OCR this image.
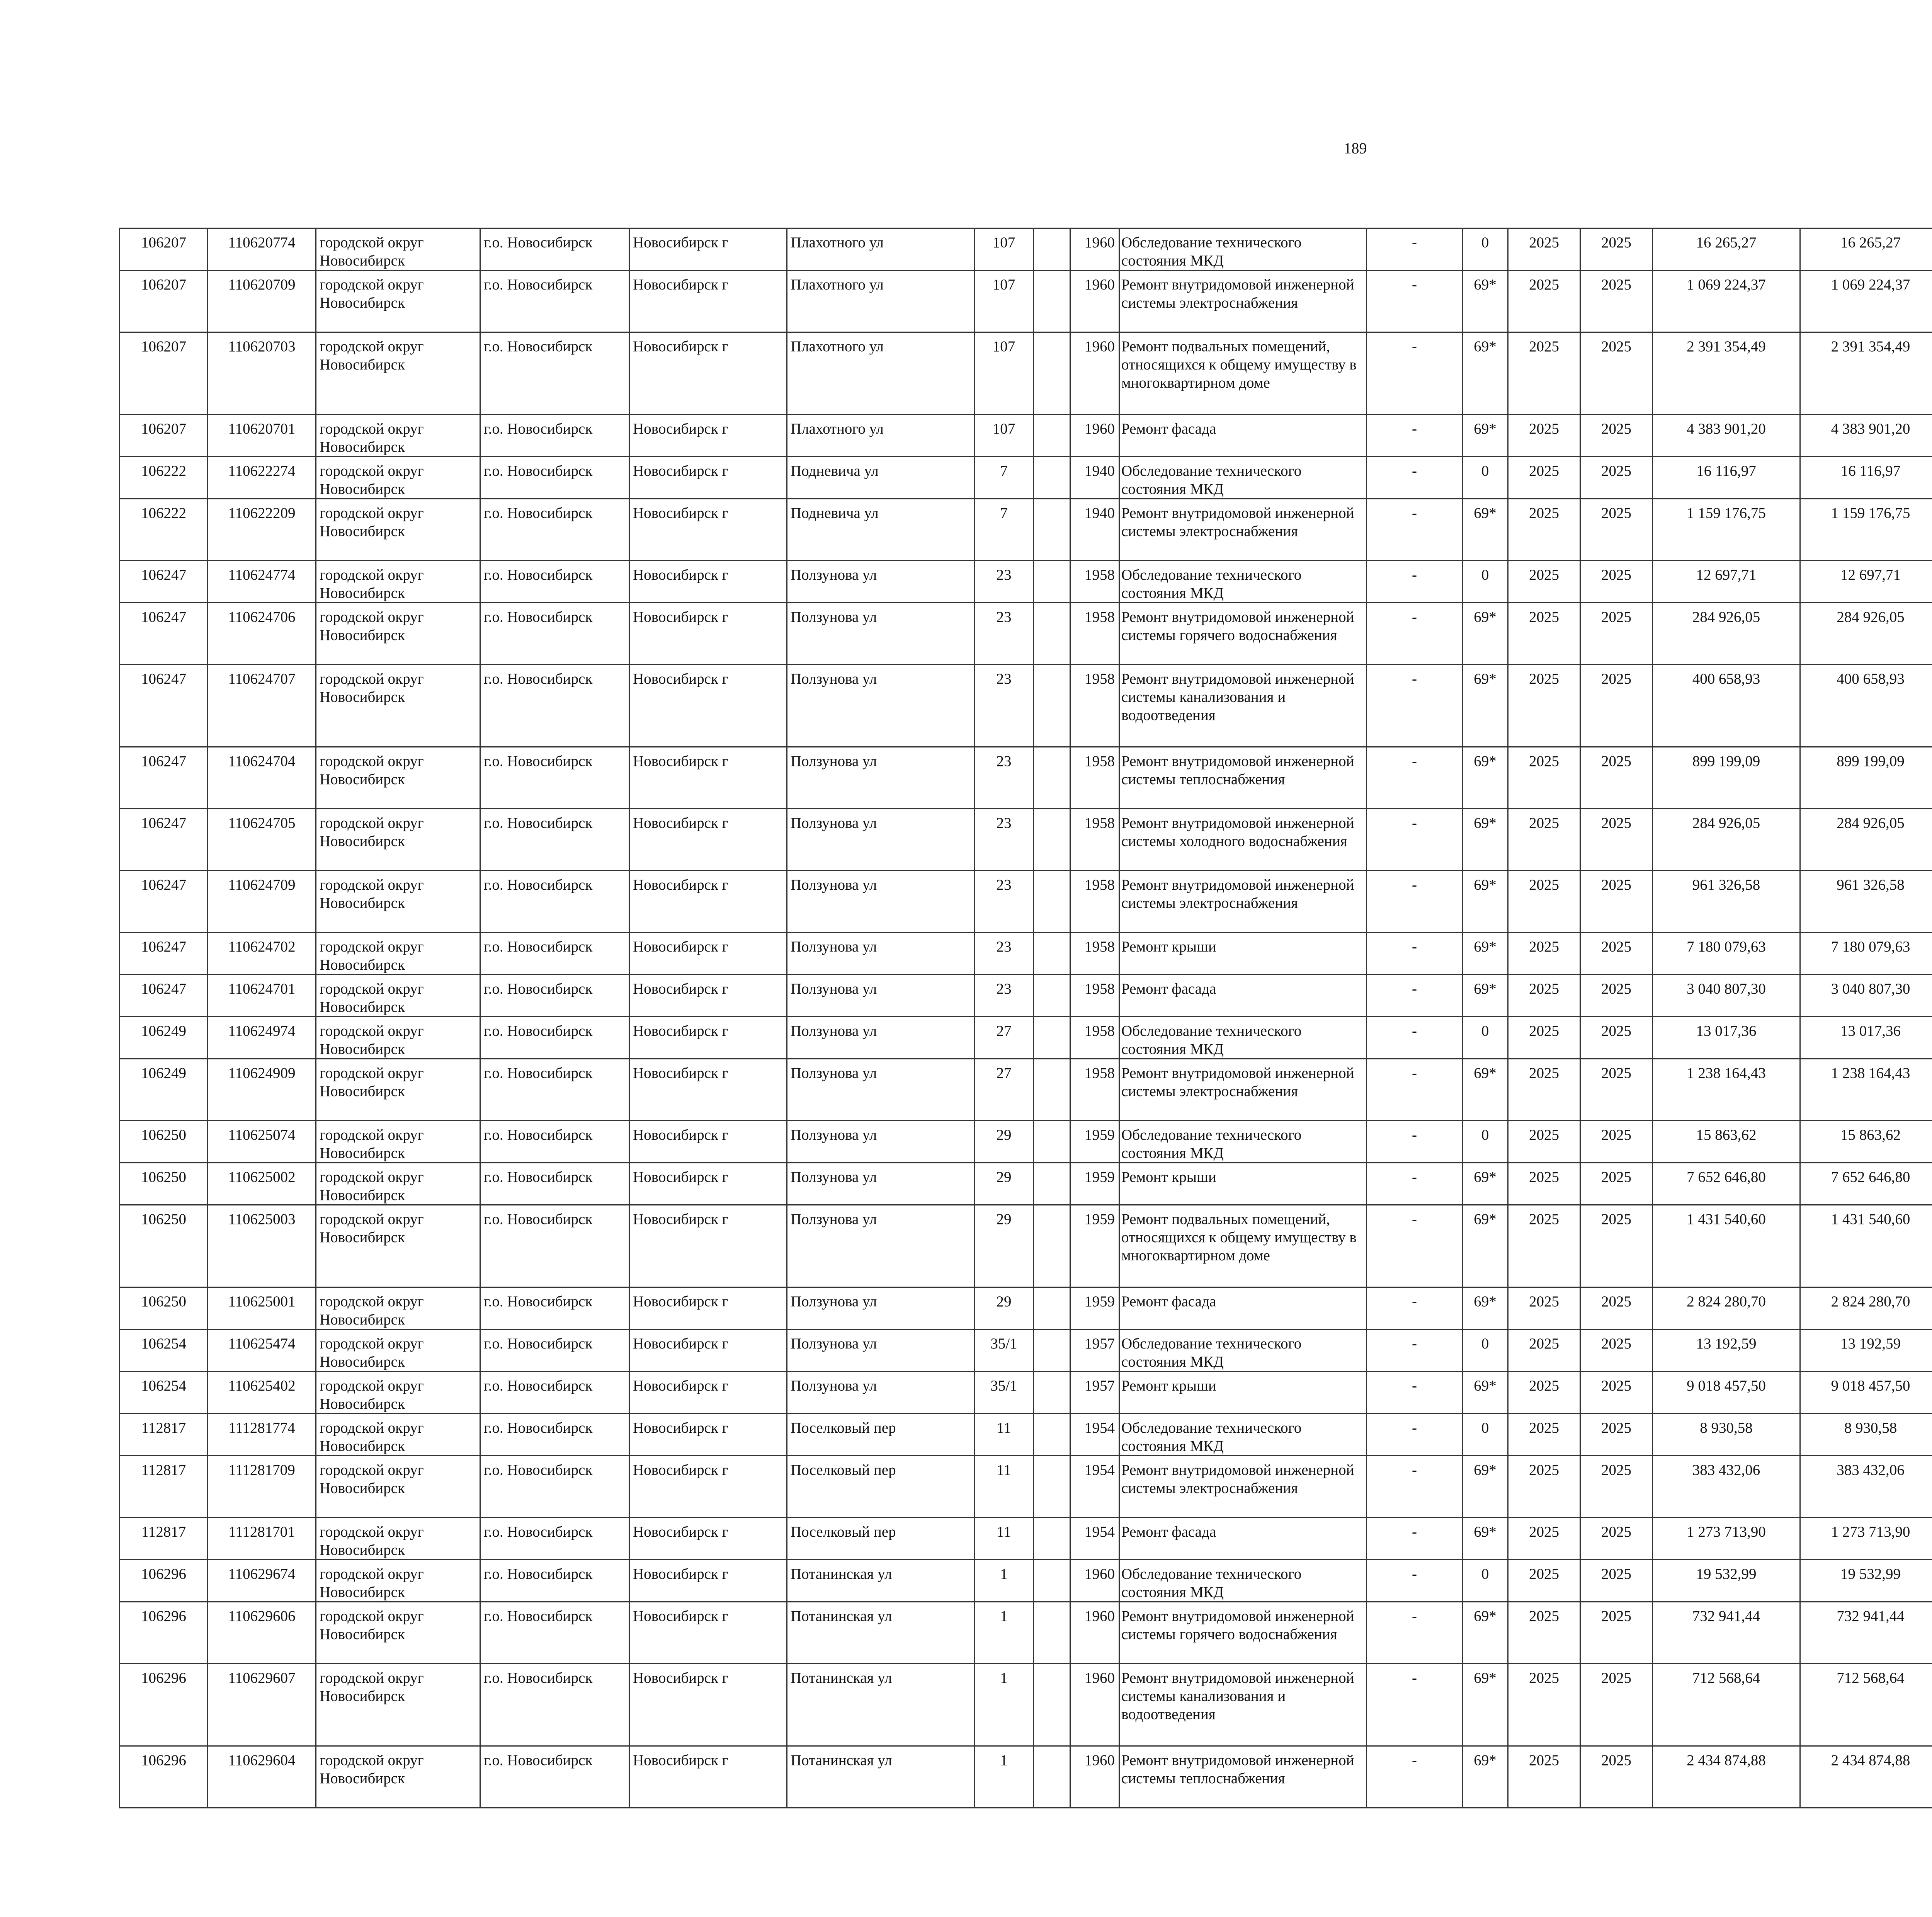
189
106207	110620774	городской округ Новосибирск	г.о. Новосибирск	Новосибирск г	Плахотного ул	107		1960	Обследование технического состояния МКД	-	0	2025	2025	16 265,27	16 265,27						
106207	110620709	городской округ Новосибирск	г.о. Новосибирск	Новосибирск г	Плахотного ул	107		1960	Ремонт внутридомовой инженерной системы электроснабжения	-	69*	2025	2025	1 069 224,37	1 069 224,37						
106207	110620703	городской округ Новосибирск	г.о. Новосибирск	Новосибирск г	Плахотного ул	107		1960	Ремонт подвальных помещений, относящихся к общему имуществу в многоквартирном доме	-	69*	2025	2025	2 391 354,49	2 391 354,49						
106207	110620701	городской округ Новосибирск	г.о. Новосибирск	Новосибирск г	Плахотного ул	107		1960	Ремонт фасада	-	69*	2025	2025	4 383 901,20	4 383 901,20						
106222	110622274	городской округ Новосибирск	г.о. Новосибирск	Новосибирск г	Подневича ул	7		1940	Обследование технического состояния МКД	-	0	2025	2025	16 116,97	16 116,97						
106222	110622209	городской округ Новосибирск	г.о. Новосибирск	Новосибирск г	Подневича ул	7		1940	Ремонт внутридомовой инженерной системы электроснабжения	-	69*	2025	2025	1 159 176,75	1 159 176,75						
106247	110624774	городской округ Новосибирск	г.о. Новосибирск	Новосибирск г	Ползунова ул	23		1958	Обследование технического состояния МКД	-	0	2025	2025	12 697,71	12 697,71						
106247	110624706	городской округ Новосибирск	г.о. Новосибирск	Новосибирск г	Ползунова ул	23		1958	Ремонт внутридомовой инженерной системы горячего водоснабжения	-	69*	2025	2025	284 926,05	284 926,05						
106247	110624707	городской округ Новосибирск	г.о. Новосибирск	Новосибирск г	Ползунова ул	23		1958	Ремонт внутридомовой инженерной системы канализования и водоотведения	-	69*	2025	2025	400 658,93	400 658,93						
106247	110624704	городской округ Новосибирск	г.о. Новосибирск	Новосибирск г	Ползунова ул	23		1958	Ремонт внутридомовой инженерной системы теплоснабжения	-	69*	2025	2025	899 199,09	899 199,09						
106247	110624705	городской округ Новосибирск	г.о. Новосибирск	Новосибирск г	Ползунова ул	23		1958	Ремонт внутридомовой инженерной системы холодного водоснабжения	-	69*	2025	2025	284 926,05	284 926,05						
106247	110624709	городской округ Новосибирск	г.о. Новосибирск	Новосибирск г	Ползунова ул	23		1958	Ремонт внутридомовой инженерной системы электроснабжения	-	69*	2025	2025	961 326,58	961 326,58						
106247	110624702	городской округ Новосибирск	г.о. Новосибирск	Новосибирск г	Ползунова ул	23		1958	Ремонт крыши	-	69*	2025	2025	7 180 079,63	7 180 079,63						
106247	110624701	городской округ Новосибирск	г.о. Новосибирск	Новосибирск г	Ползунова ул	23		1958	Ремонт фасада	-	69*	2025	2025	3 040 807,30	3 040 807,30						
106249	110624974	городской округ Новосибирск	г.о. Новосибирск	Новосибирск г	Ползунова ул	27		1958	Обследование технического состояния МКД	-	0	2025	2025	13 017,36	13 017,36						
106249	110624909	городской округ Новосибирск	г.о. Новосибирск	Новосибирск г	Ползунова ул	27		1958	Ремонт внутридомовой инженерной системы электроснабжения	-	69*	2025	2025	1 238 164,43	1 238 164,43						
106250	110625074	городской округ Новосибирск	г.о. Новосибирск	Новосибирск г	Ползунова ул	29		1959	Обследование технического состояния МКД	-	0	2025	2025	15 863,62	15 863,62						
106250	110625002	городской округ Новосибирск	г.о. Новосибирск	Новосибирск г	Ползунова ул	29		1959	Ремонт крыши	-	69*	2025	2025	7 652 646,80	7 652 646,80						
106250	110625003	городской округ Новосибирск	г.о. Новосибирск	Новосибирск г	Ползунова ул	29		1959	Ремонт подвальных помещений, относящихся к общему имуществу в многоквартирном доме	-	69*	2025	2025	1 431 540,60	1 431 540,60						
106250	110625001	городской округ Новосибирск	г.о. Новосибирск	Новосибирск г	Ползунова ул	29		1959	Ремонт фасада	-	69*	2025	2025	2 824 280,70	2 824 280,70						
106254	110625474	городской округ Новосибирск	г.о. Новосибирск	Новосибирск г	Ползунова ул	35/1		1957	Обследование технического состояния МКД	-	0	2025	2025	13 192,59	13 192,59						
106254	110625402	городской округ Новосибирск	г.о. Новосибирск	Новосибирск г	Ползунова ул	35/1		1957	Ремонт крыши	-	69*	2025	2025	9 018 457,50	9 018 457,50						
112817	111281774	городской округ Новосибирск	г.о. Новосибирск	Новосибирск г	Поселковый пер	11		1954	Обследование технического состояния МКД	-	0	2025	2025	8 930,58	8 930,58						
112817	111281709	городской округ Новосибирск	г.о. Новосибирск	Новосибирск г	Поселковый пер	11		1954	Ремонт внутридомовой инженерной системы электроснабжения	-	69*	2025	2025	383 432,06	383 432,06						
112817	111281701	городской округ Новосибирск	г.о. Новосибирск	Новосибирск г	Поселковый пер	11		1954	Ремонт фасада	-	69*	2025	2025	1 273 713,90	1 273 713,90						
106296	110629674	городской округ Новосибирск	г.о. Новосибирск	Новосибирск г	Потанинская ул	1		1960	Обследование технического состояния МКД	-	0	2025	2025	19 532,99	19 532,99						
106296	110629606	городской округ Новосибирск	г.о. Новосибирск	Новосибирск г	Потанинская ул	1		1960	Ремонт внутридомовой инженерной системы горячего водоснабжения	-	69*	2025	2025	732 941,44	732 941,44						
106296	110629607	городской округ Новосибирск	г.о. Новосибирск	Новосибирск г	Потанинская ул	1		1960	Ремонт внутридомовой инженерной системы канализования и водоотведения	-	69*	2025	2025	712 568,64	712 568,64						
106296	110629604	городской округ Новосибирск	г.о. Новосибирск	Новосибирск г	Потанинская ул	1		1960	Ремонт внутридомовой инженерной системы теплоснабжения	-	69*	2025	2025	2 434 874,88	2 434 874,88						
